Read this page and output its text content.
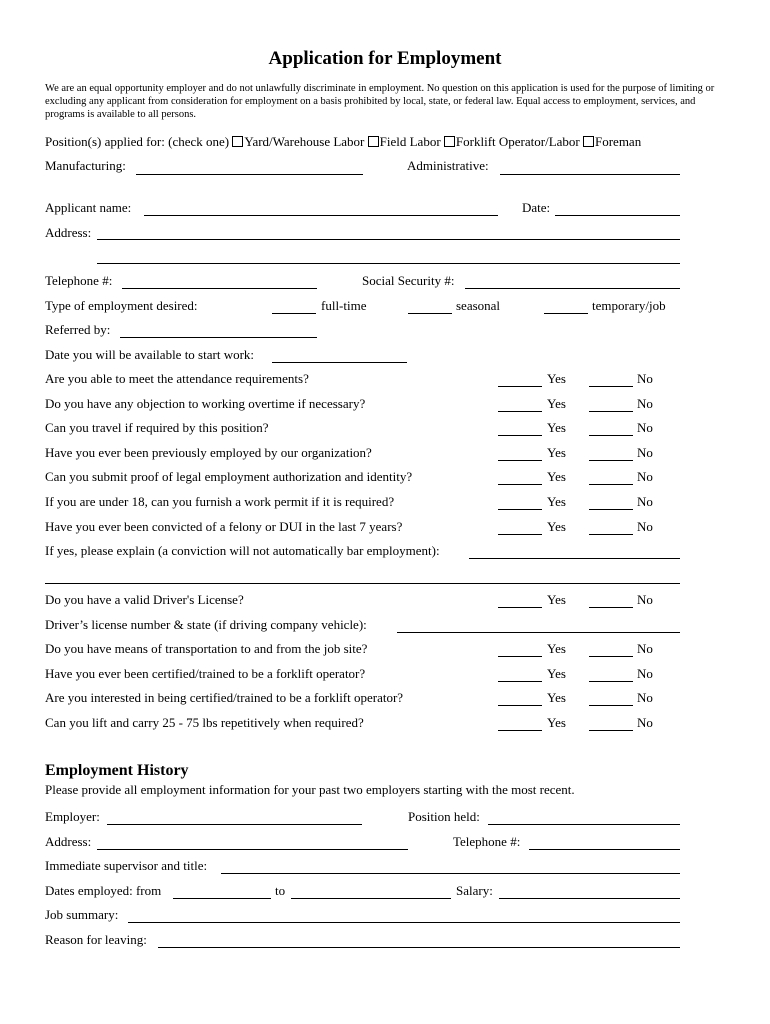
Application for Employment
We are an equal opportunity employer and do not unlawfully discriminate in employment. No question on this application is used for the purpose of limiting or excluding any applicant from consideration for employment on a basis prohibited by local, state, or federal law. Equal access to employment, services, and programs is available to all persons.
Position(s) applied for: (check one) Yard/Warehouse Labor Field Labor Forklift Operator/Labor Foreman
Manufacturing:	Administrative:
Applicant name:	Date:
Address:
Telephone #:	Social Security #:
Type of employment desired:	full-time	seasonal	temporary/job
Referred by:
Date you will be available to start work:
Are you able to meet the attendance requirements?	Yes	No
Do you have any objection to working overtime if necessary?	Yes	No
Can you travel if required by this position?	Yes	No
Have you ever been previously employed by our organization?	Yes	No
Can you submit proof of legal employment authorization and identity?	Yes	No
If you are under 18, can you furnish a work permit if it is required?	Yes	No
Have you ever been convicted of a felony or DUI in the last 7 years?	Yes	No
If yes, please explain (a conviction will not automatically bar employment):
Do you have a valid Driver's License?	Yes	No
Driver’s license number & state (if driving company vehicle):
Do you have means of transportation to and from the job site?	Yes	No
Have you ever been certified/trained to be a forklift operator?	Yes	No
Are you interested in being certified/trained to be a forklift operator?	Yes	No
Can you lift and carry 25 - 75 lbs repetitively when required?	Yes	No
Employment History
Please provide all employment information for your past two employers starting with the most recent.
Employer:	Position held:
Address:	Telephone #:
Immediate supervisor and title:
Dates employed: from	to	Salary:
Job summary:
Reason for leaving:
